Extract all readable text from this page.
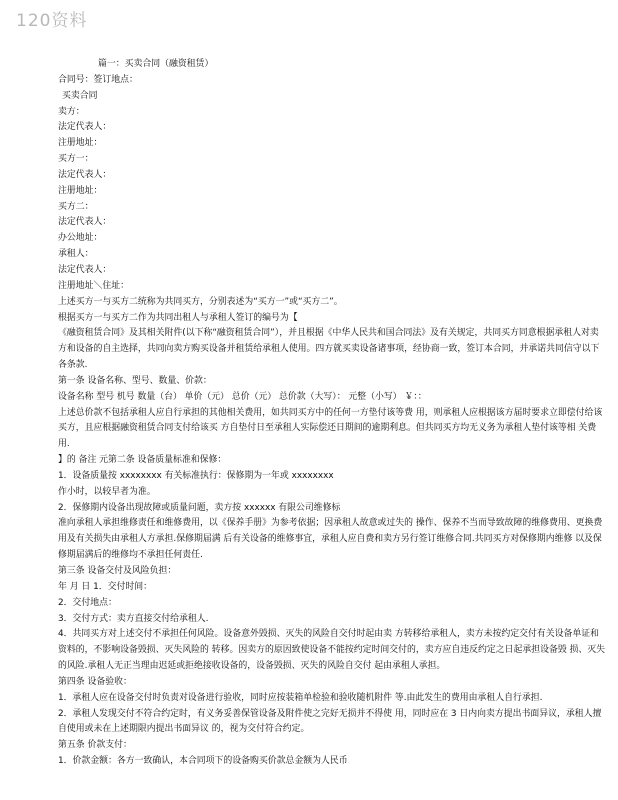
120资料

篇一：买卖合同（融资租赁）

合同号：签订地点：

买卖合同

卖方：

法定代表人：

注册地址：

买方一：

法定代表人：

注册地址：

买方二：

法定代表人：

办公地址：

承租人：

法定代表人：

注册地址＼住址：

上述买方一与买方二统称为共同买方，分别表述为“买方一”或“买方二”。

根据买方一与买方二作为共同出租人与承租人签订的编号为【

《融资租赁合同》及其相关附件(以下称“融资租赁合同”），并且根据《中华人民共和国合同法》及有关规定，共同买方同意根据承租人对卖方和设备的自主选择，共同向卖方购买设备并租赁给承租人使用。四方就买卖设备诸事项，经协商一致，签订本合同，并承诺共同信守以下各条款.

第一条 设备名称、型号、数量、价款：

设备名称 型号 机号 数量（台） 单价（元） 总价（元） 总价款（大写）： 元整（小写） ￥：：

上述总价款不包括承租人应自行承担的其他相关费用，如共同买方中的任何一方垫付该等费 用，则承租人应根据该方届时要求立即偿付给该买方，且应根据融资租赁合同支付给该买 方自垫付日至承租人实际偿还日期间的逾期利息。但共同买方均无义务为承租人垫付该等相 关费用.

】的 备注 元第二条 设备质量标准和保修：

1．设备质量按 xxxxxxxx 有关标准执行：保修期为一年或 xxxxxxxx

作小时，以较早者为准。

2．保修期内设备出现故障或质量问题，卖方按 xxxxxx 有限公司维修标

准向承租人承担维修责任和维修费用，以《保养手册》为参考依据；因承租人故意或过失的 操作、保养不当而导致故障的维修费用、更换费用及有关损失由承租人方承担.保修期届满 后有关设备的维修事宜，承租人应自费和卖方另行签订维修合同.共同买方对保修期内维修 以及保修期届满后的维修均不承担任何责任.

第三条 设备交付及风险负担：

年 月 日 1．交付时间：

2．交付地点：

3．交付方式：卖方直接交付给承租人.

4．共同买方对上述交付不承担任何风险。设备意外毁损、灭失的风险自交付时起由卖 方转移给承租人，卖方未按约定交付有关设备单证和资料的，不影响设备毁损、灭失风险的 转移。因卖方的原因致使设备不能按约定时间交付的，卖方应自违反约定之日起承担设备毁 损、灭失的风险.承租人无正当理由迟延或拒绝接收设备的，设备毁损、灭失的风险自交付 起由承租人承担。

第四条 设备验收：

1．承租人应在设备交付时负责对设备进行验收，同时应按装箱单检验和验收随机附件 等.由此发生的费用由承租人自行承担.

2．承租人发现交付不符合约定时，有义务妥善保管设备及附件使之完好无损并不得使 用，同时应在 3 日内向卖方提出书面异议，承租人擅自使用或未在上述期限内提出书面异议 的，视为交付符合约定。

第五条 价款支付：

1．价款金额：各方一致确认，本合同项下的设备购买价款总金额为人民币
